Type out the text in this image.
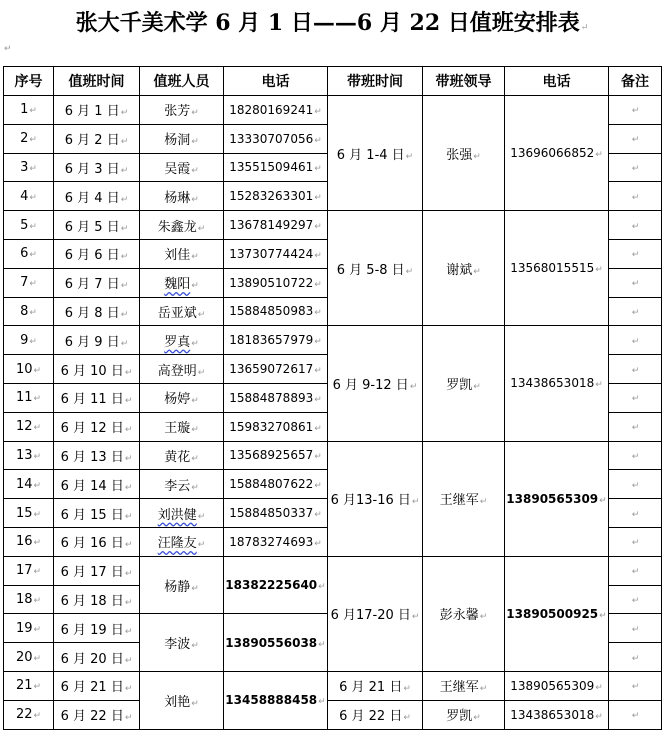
张大千美术学 6 月 1 日——6 月 22 日值班安排表↵
↵
序号	值班时间	值班人员	电话	带班时间	带班领导	电话	备注
1↵	6 月 1 日↵	张芳↵	18280169241↵	6 月 1-4 日↵	张强↵	13696066852↵	↵
2↵	6 月 2 日↵	杨洞↵	13330707056↵				↵
3↵	6 月 3 日↵	吴霞↵	13551509461↵				↵
4↵	6 月 4 日↵	杨琳↵	15283263301↵				↵
5↵	6 月 5 日↵	朱鑫龙↵	13678149297↵	6 月 5-8 日↵	谢斌↵	13568015515↵	↵
6↵	6 月 6 日↵	刘佳↵	13730774424↵				↵
7↵	6 月 7 日↵	魏阳↵	13890510722↵				↵
8↵	6 月 8 日↵	岳亚斌↵	15884850983↵				↵
9↵	6 月 9 日↵	罗真↵	18183657979↵	6 月 9-12 日↵	罗凯↵	13438653018↵	↵
10↵	6 月 10 日↵	高登明↵	13659072617↵				↵
11↵	6 月 11 日↵	杨婷↵	15884878893↵				↵
12↵	6 月 12 日↵	王璇↵	15983270861↵				↵
13↵	6 月 13 日↵	黄花↵	13568925657↵	6 月13-16 日↵	王继军↵	13890565309↵	↵
14↵	6 月 14 日↵	李云↵	15884807622↵				↵
15↵	6 月 15 日↵	刘洪健↵	15884850337↵				↵
16↵	6 月 16 日↵	汪隆友↵	18783274693↵				↵
17↵	6 月 17 日↵	杨静↵	18382225640↵	6 月17-20 日↵	彭永馨↵	13890500925↵	↵
18↵	6 月 18 日↵						↵
19↵	6 月 19 日↵	李波↵	13890556038↵				↵
20↵	6 月 20 日↵						↵
21↵	6 月 21 日↵	刘艳↵	13458888458↵	6 月 21 日↵	王继军↵	13890565309↵	↵
22↵	6 月 22 日↵			6 月 22 日↵	罗凯↵	13438653018↵	↵
